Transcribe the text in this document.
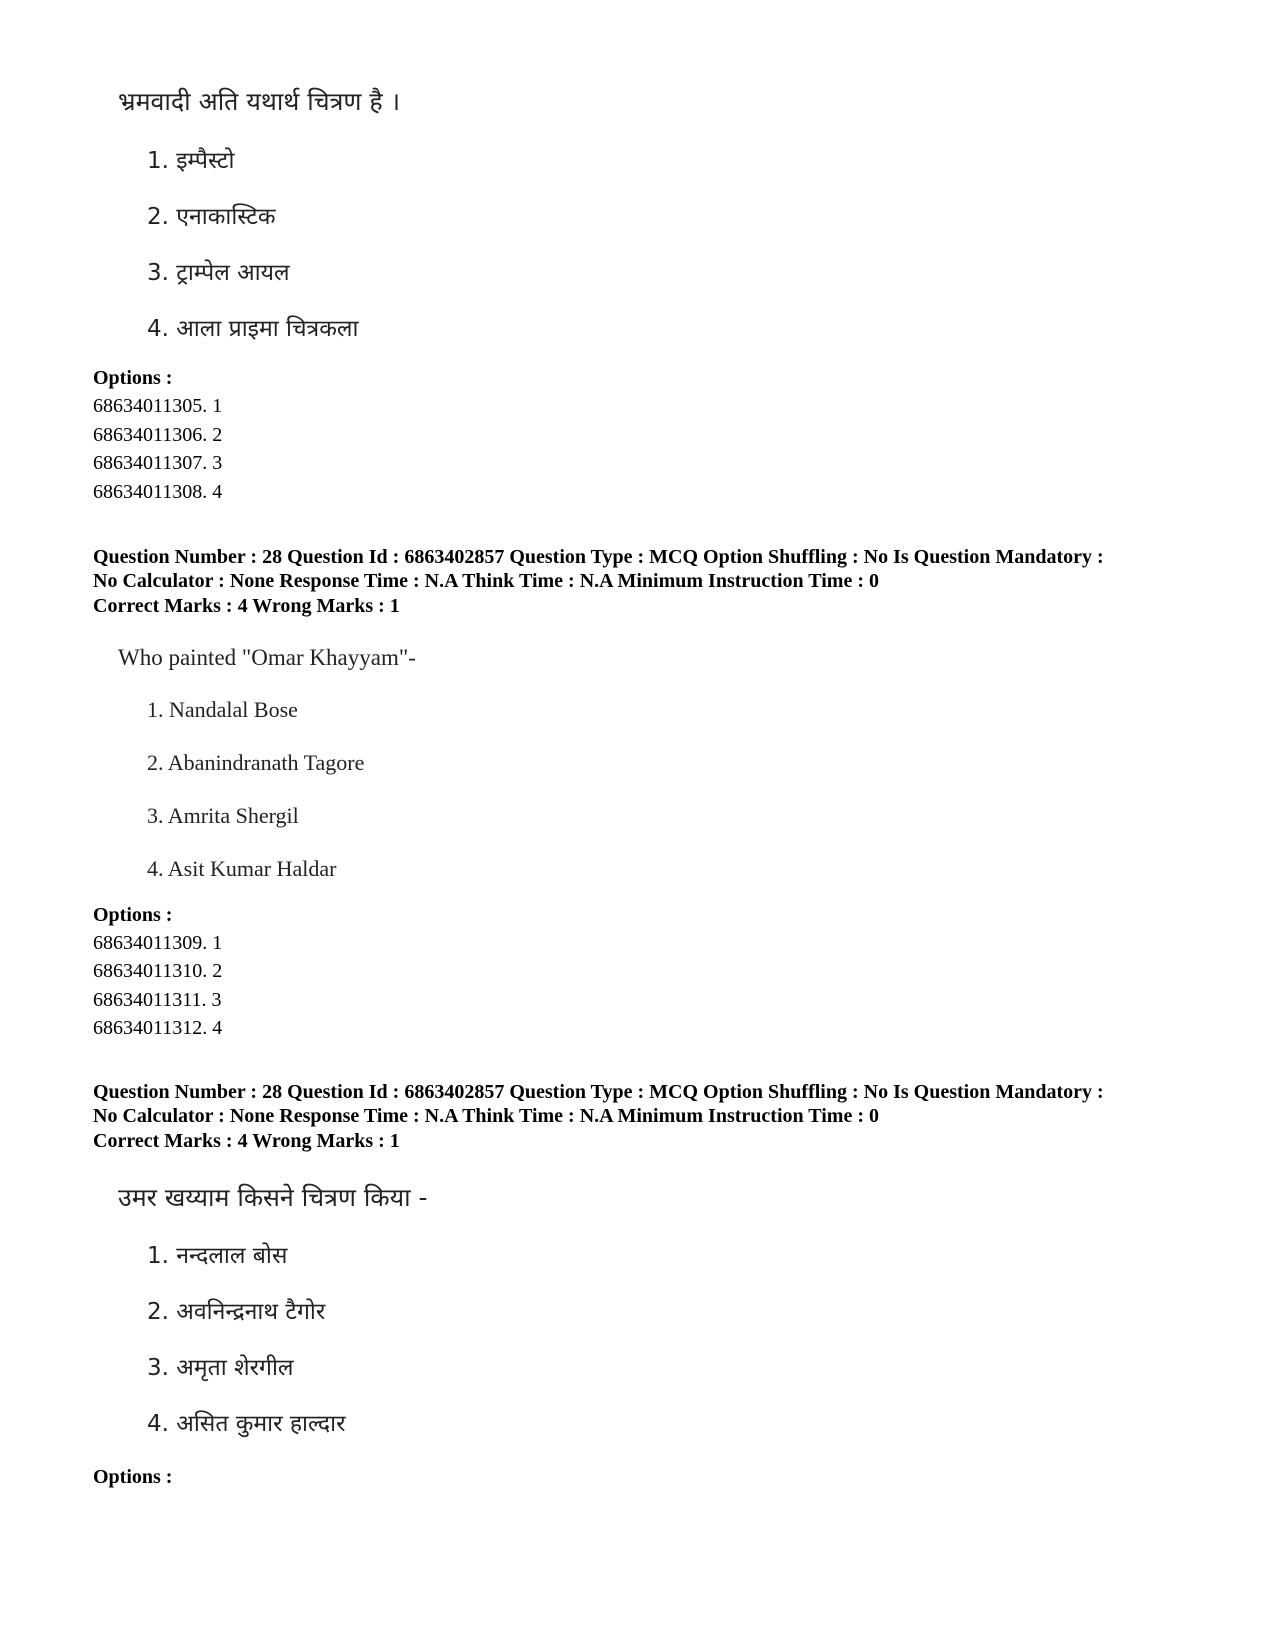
भ्रमवादी अति यथार्थ चित्रण है ।
1. इम्पैस्टो
2. एनाकास्टिक
3. ट्राम्पेल आयल
4. आला प्राइमा चित्रकला
Options :
68634011305. 1
68634011306. 2
68634011307. 3
68634011308. 4
Question Number : 28 Question Id : 6863402857 Question Type : MCQ Option Shuffling : No Is Question Mandatory :
No Calculator : None Response Time : N.A Think Time : N.A Minimum Instruction Time : 0
Correct Marks : 4 Wrong Marks : 1
Who painted "Omar Khayyam"-
1. Nandalal Bose
2. Abanindranath Tagore
3. Amrita Shergil
4. Asit Kumar Haldar
Options :
68634011309. 1
68634011310. 2
68634011311. 3
68634011312. 4
Question Number : 28 Question Id : 6863402857 Question Type : MCQ Option Shuffling : No Is Question Mandatory :
No Calculator : None Response Time : N.A Think Time : N.A Minimum Instruction Time : 0
Correct Marks : 4 Wrong Marks : 1
उमर खय्याम किसने चित्रण किया -
1. नन्दलाल बोस
2. अवनिन्द्रनाथ टैगोर
3. अमृता शेरगील
4. असित कुमार हाल्दार
Options :
